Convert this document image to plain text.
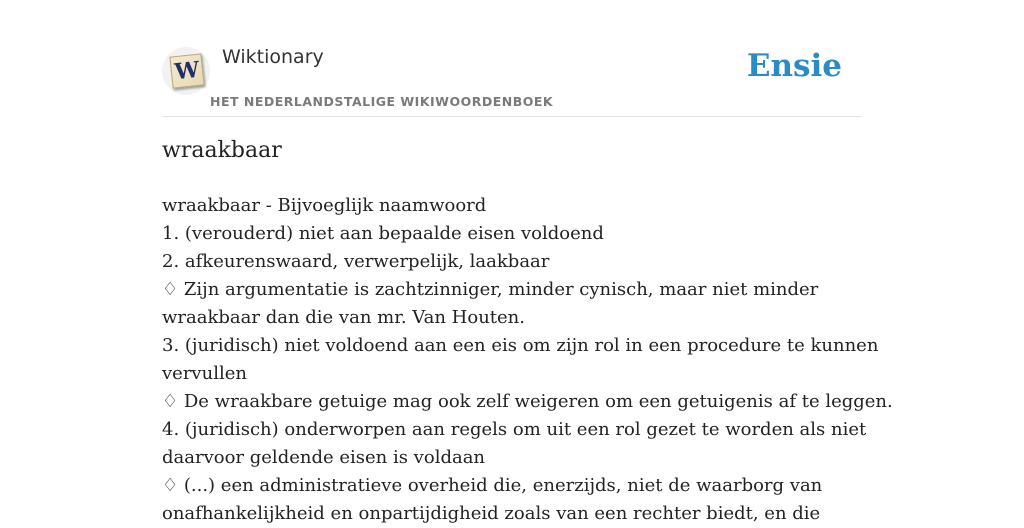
W Wiktionary
HET NEDERLANDSTALIGE WIKIWOORDENBOEK
Ensie
wraakbaar
wraakbaar - Bijvoeglijk naamwoord
1. (verouderd) niet aan bepaalde eisen voldoend
2. afkeurenswaard, verwerpelijk, laakbaar
♢ Zijn argumentatie is zachtzinniger, minder cynisch, maar niet minder
wraakbaar dan die van mr. Van Houten.
3. (juridisch) niet voldoend aan een eis om zijn rol in een procedure te kunnen
vervullen
♢ De wraakbare getuige mag ook zelf weigeren om een getuigenis af te leggen.
4. (juridisch) onderworpen aan regels om uit een rol gezet te worden als niet
daarvoor geldende eisen is voldaan
♢ (...) een administratieve overheid die, enerzijds, niet de waarborg van
onafhankelijkheid en onpartijdigheid zoals van een rechter biedt, en die
